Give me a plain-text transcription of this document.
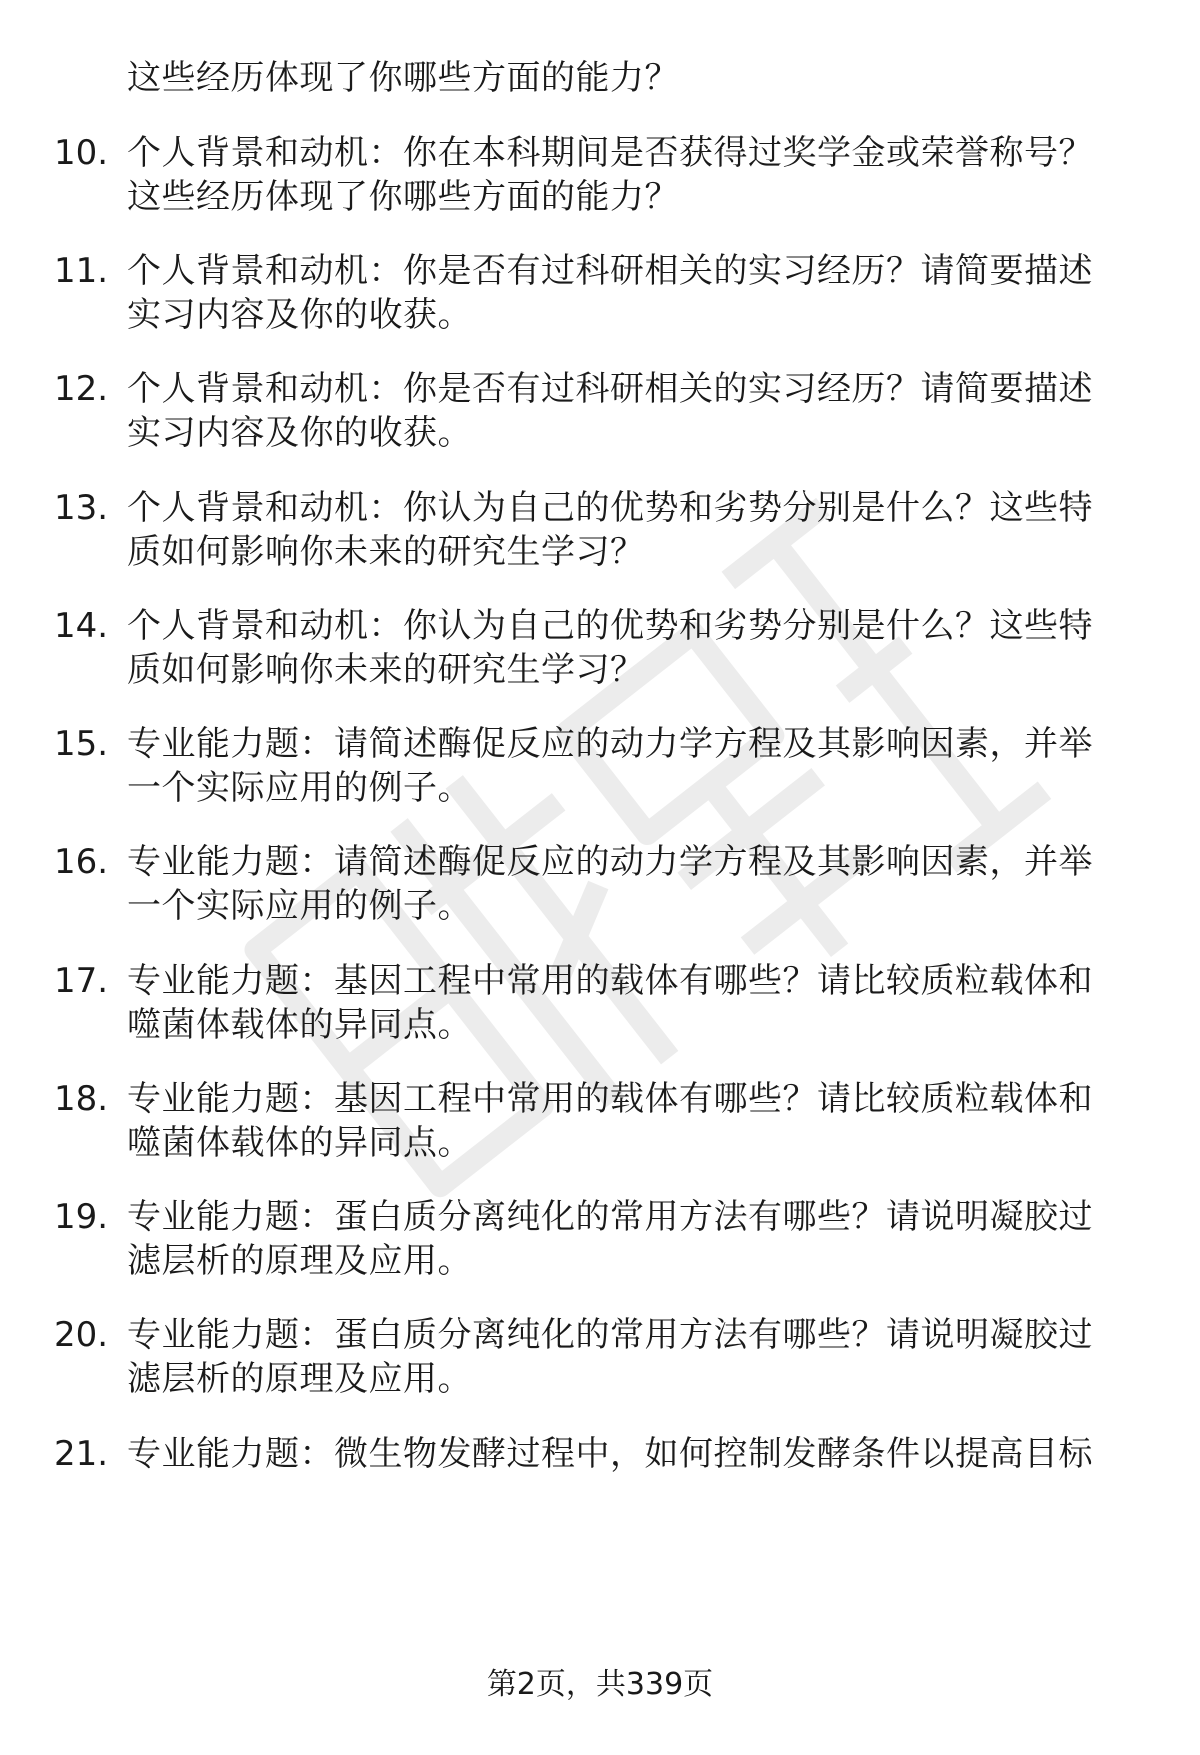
这些经历体现了你哪些方面的能力？
10. 个人背景和动机：你在本科期间是否获得过奖学金或荣誉称号？
这些经历体现了你哪些方面的能力？
11. 个人背景和动机：你是否有过科研相关的实习经历？请简要描述
实习内容及你的收获。
12. 个人背景和动机：你是否有过科研相关的实习经历？请简要描述
实习内容及你的收获。
13. 个人背景和动机：你认为自己的优势和劣势分别是什么？这些特
质如何影响你未来的研究生学习？
14. 个人背景和动机：你认为自己的优势和劣势分别是什么？这些特
质如何影响你未来的研究生学习？
15. 专业能力题：请简述酶促反应的动力学方程及其影响因素，并举
一个实际应用的例子。
16. 专业能力题：请简述酶促反应的动力学方程及其影响因素，并举
一个实际应用的例子。
17. 专业能力题：基因工程中常用的载体有哪些？请比较质粒载体和
噬菌体载体的异同点。
18. 专业能力题：基因工程中常用的载体有哪些？请比较质粒载体和
噬菌体载体的异同点。
19. 专业能力题：蛋白质分离纯化的常用方法有哪些？请说明凝胶过
滤层析的原理及应用。
20. 专业能力题：蛋白质分离纯化的常用方法有哪些？请说明凝胶过
滤层析的原理及应用。
21. 专业能力题：微生物发酵过程中，如何控制发酵条件以提高目标
第2页，共339页
